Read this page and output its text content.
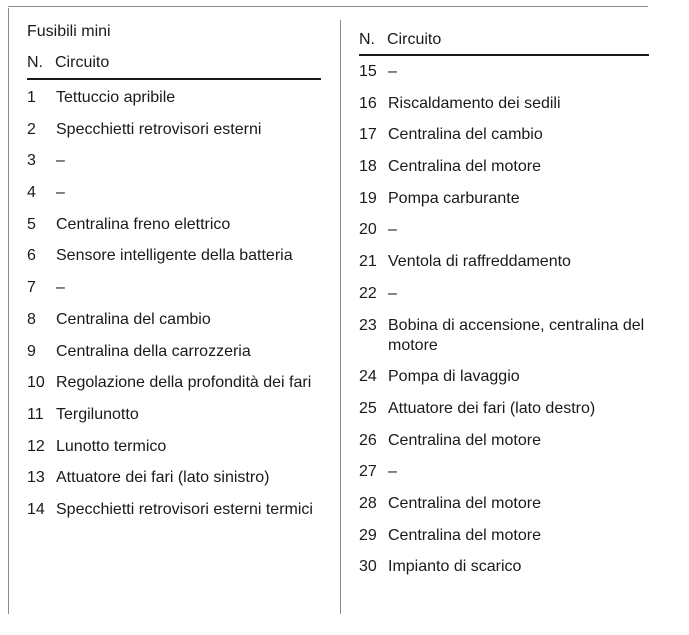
Fusibili mini
N. Circuito
1	Tettuccio apribile
2	Specchietti retrovisori esterni
3	–
4	–
5	Centralina freno elettrico
6	Sensore intelligente della batteria
7	–
8	Centralina del cambio
9	Centralina della carrozzeria
10 Regolazione della profondità dei fari
11 Tergilunotto
12 Lunotto termico
13 Attuatore dei fari (lato sinistro)
14 Specchietti retrovisori esterni termici
N. Circuito
15 –
16 Riscaldamento dei sedili
17 Centralina del cambio
18 Centralina del motore
19 Pompa carburante
20 –
21 Ventola di raffreddamento
22 –
23 Bobina di accensione, centralina del motore
24 Pompa di lavaggio
25 Attuatore dei fari (lato destro)
26 Centralina del motore
27 –
28 Centralina del motore
29 Centralina del motore
30 Impianto di scarico
